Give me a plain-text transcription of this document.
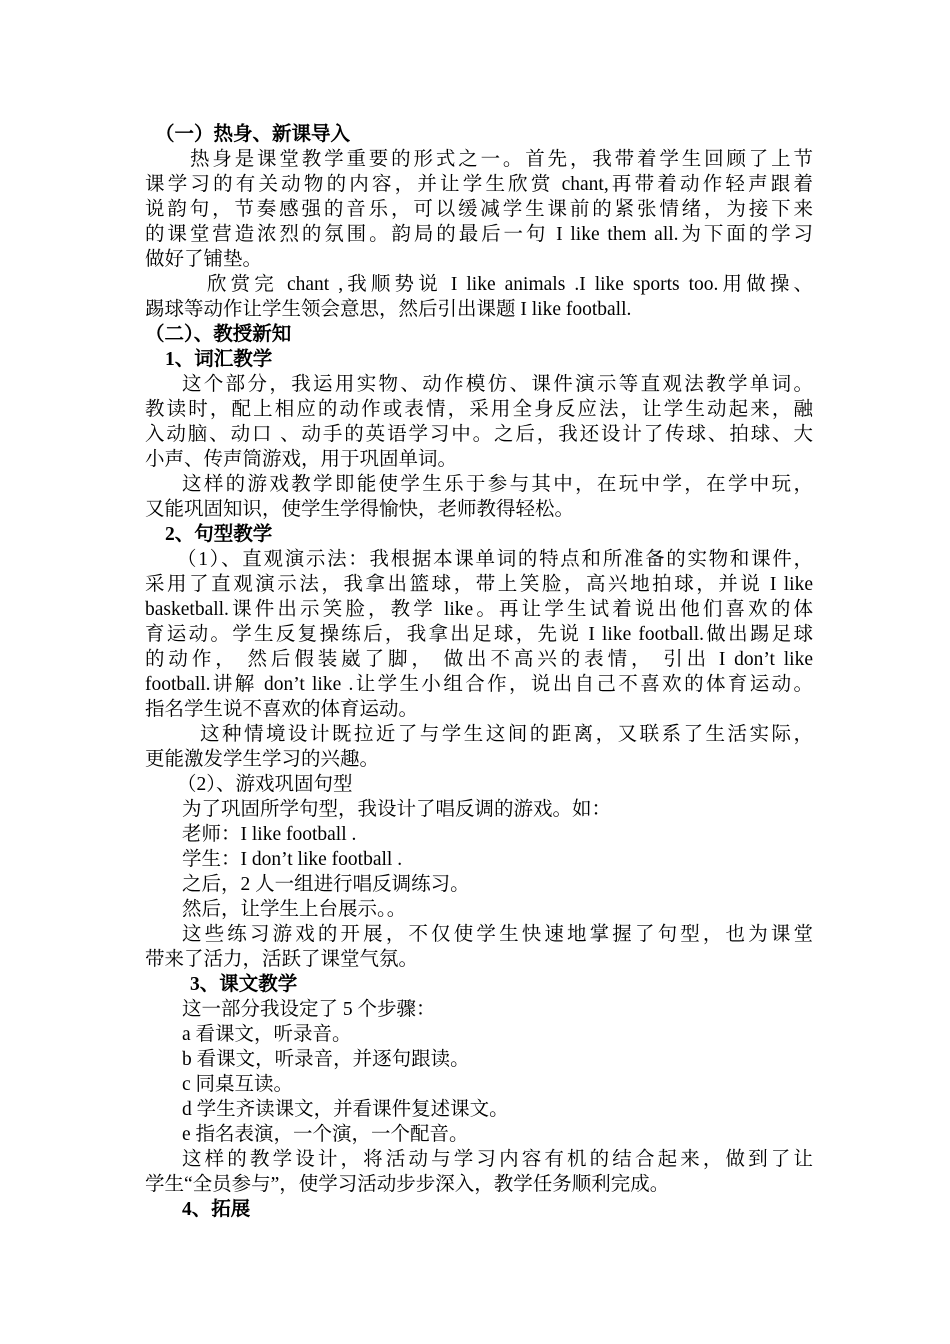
（一）热身、新课导入
热身是课堂教学重要的形式之一。首先，我带着学生回顾了上节
课学习的有关动物的内容，并让学生欣赏 chant,再带着动作轻声跟着
说韵句，节奏感强的音乐，可以缓减学生课前的紧张情绪，为接下来
的课堂营造浓烈的氛围。韵局的最后一句 I like them all.为下面的学习
做好了铺垫。
欣赏完 chant ,我顺势说 I like animals .I like sports too.用做操、
踢球等动作让学生领会意思，然后引出课题 I like football.
（二）、教授新知
1、词汇教学
这个部分，我运用实物、动作模仿、课件演示等直观法教学单词。
教读时，配上相应的动作或表情，采用全身反应法，让学生动起来，融
入动脑、动口 、动手的英语学习中。之后，我还设计了传球、拍球、大
小声、传声筒游戏，用于巩固单词。
这样的游戏教学即能使学生乐于参与其中，在玩中学，在学中玩，
又能巩固知识，使学生学得愉快，老师教得轻松。
2、句型教学
（1）、直观演示法：我根据本课单词的特点和所准备的实物和课件，
采用了直观演示法，我拿出篮球，带上笑脸，高兴地拍球，并说 I like
basketball.课件出示笑脸，教学 like。再让学生试着说出他们喜欢的体
育运动。学生反复操练后，我拿出足球，先说 I like football.做出踢足球
的动作， 然后假装崴了脚， 做出不高兴的表情， 引出 I don’t like
football.讲解 don’t like .让学生小组合作，说出自己不喜欢的体育运动。
指名学生说不喜欢的体育运动。
这种情境设计既拉近了与学生这间的距离，又联系了生活实际，
更能激发学生学习的兴趣。
（2）、游戏巩固句型
为了巩固所学句型，我设计了唱反调的游戏。如：
老师：I like football .
学生：I don’t like football .
之后，2 人一组进行唱反调练习。
然后，让学生上台展示。。
这些练习游戏的开展，不仅使学生快速地掌握了句型，也为课堂
带来了活力，活跃了课堂气氛。
3、课文教学
这一部分我设定了 5 个步骤：
a 看课文，听录音。
b 看课文，听录音，并逐句跟读。
c 同桌互读。
d 学生齐读课文，并看课件复述课文。
e 指名表演，一个演，一个配音。
这样的教学设计，将活动与学习内容有机的结合起来，做到了让
学生“全员参与”，使学习活动步步深入，教学任务顺利完成。
4、拓展
